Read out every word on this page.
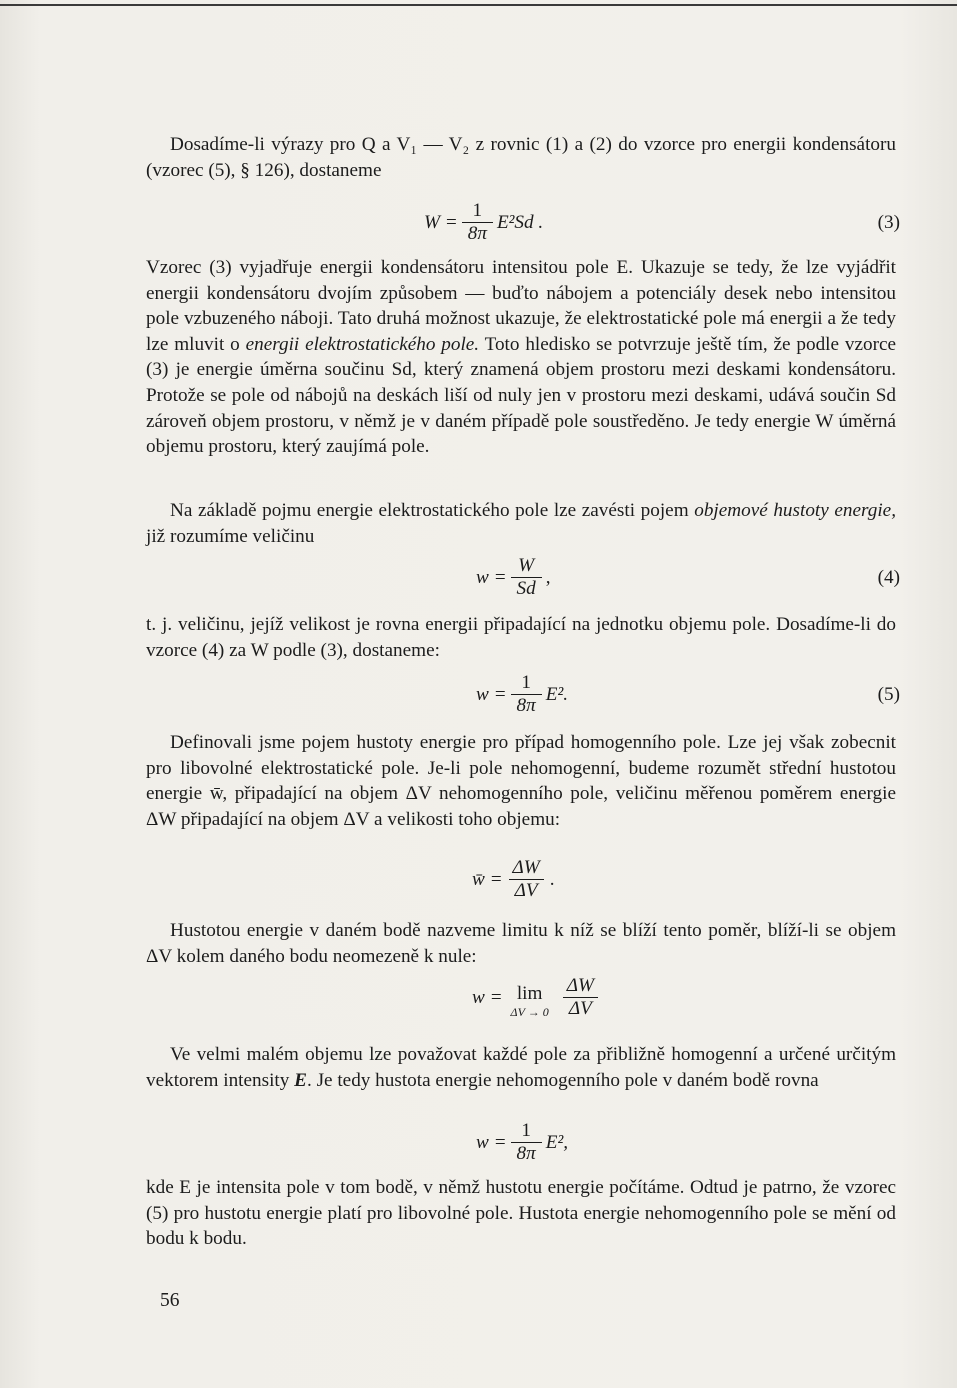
Dosadíme-li výrazy pro Q a V₁ — V₂ z rovnic (1) a (2) do vzorce pro energii kondensátoru (vzorec (5), § 126), dostaneme

$W = \frac{1}{8\pi} E^2Sd$ .	(3)

Vzorec (3) vyjadřuje energii kondensátoru intensitou pole E. Ukazuje se tedy, že lze vyjádřit energii kondensátoru dvojím způsobem — buďto nábojem a potenciály desek nebo intensitou pole vzbuzeného náboji. Tato druhá možnost ukazuje, že elektrostatické pole má energii a že tedy lze mluvit o energii elektrostatického pole. Toto hledisko se potvrzuje ještě tím, že podle vzorce (3) je energie úměrna součinu Sd, který znamená objem prostoru mezi deskami kondensátoru. Protože se pole od nábojů na deskách liší od nuly jen v prostoru mezi deskami, udává součin Sd zároveň objem prostoru, v němž je v daném případě pole soustředěno. Je tedy energie W úměrná objemu prostoru, který zaujímá pole.

Na základě pojmu energie elektrostatického pole lze zavésti pojem objemové hustoty energie, již rozumíme veličinu

$w = \frac{W}{Sd}$ ,	(4)

t. j. veličinu, jejíž velikost je rovna energii připadající na jednotku objemu pole. Dosadíme-li do vzorce (4) za W podle (3), dostaneme:

$w = \frac{1}{8\pi} E^2$.	(5)

Definovali jsme pojem hustoty energie pro případ homogenního pole. Lze jej však zobecnit pro libovolné elektrostatické pole. Je-li pole nehomogenní, budeme rozumět střední hustotou energie w̄, připadající na objem ΔV nehomogenního pole, veličinu měřenou poměrem energie ΔW připadající na objem ΔV a velikosti toho objemu:

w̄ = $\frac{\Delta W}{\Delta V}$ .

Hustotou energie v daném bodě nazveme limitu k níž se blíží tento poměr, blíží-li se objem ΔV kolem daného bodu neomezeně k nule:

w = lim
$\Delta V \to 0 \frac{\Delta W}{\Delta V}$

Ve velmi malém objemu lze považovat každé pole za přibližně homogenní a určené určitým vektorem intensity E. Je tedy hustota energie nehomogenního pole v daném bodě rovna

$w = \frac{1}{8\pi} E^2$,

kde E je intensita pole v tom bodě, v němž hustotu energie počítáme. Odtud je patrno, že vzorec (5) pro hustotu energie platí pro libovolné pole. Hustota energie nehomogenního pole se mění od bodu k bodu.

56
